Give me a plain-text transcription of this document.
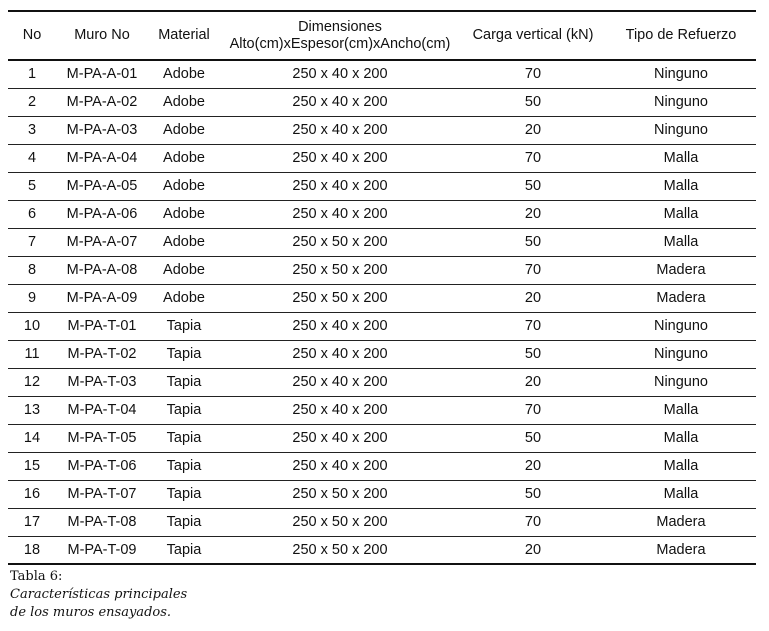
No	Muro No	Material	Dimensiones
Alto(cm)xEspesor(cm)xAncho(cm)	Carga vertical (kN)	Tipo de Refuerzo
1	M-PA-A-01	Adobe	250 x 40 x 200	70	Ninguno
2	M-PA-A-02	Adobe	250 x 40 x 200	50	Ninguno
3	M-PA-A-03	Adobe	250 x 40 x 200	20	Ninguno
4	M-PA-A-04	Adobe	250 x 40 x 200	70	Malla
5	M-PA-A-05	Adobe	250 x 40 x 200	50	Malla
6	M-PA-A-06	Adobe	250 x 40 x 200	20	Malla
7	M-PA-A-07	Adobe	250 x 50 x 200	50	Malla
8	M-PA-A-08	Adobe	250 x 50 x 200	70	Madera
9	M-PA-A-09	Adobe	250 x 50 x 200	20	Madera
10	M-PA-T-01	Tapia	250 x 40 x 200	70	Ninguno
11	M-PA-T-02	Tapia	250 x 40 x 200	50	Ninguno
12	M-PA-T-03	Tapia	250 x 40 x 200	20	Ninguno
13	M-PA-T-04	Tapia	250 x 40 x 200	70	Malla
14	M-PA-T-05	Tapia	250 x 40 x 200	50	Malla
15	M-PA-T-06	Tapia	250 x 40 x 200	20	Malla
16	M-PA-T-07	Tapia	250 x 50 x 200	50	Malla
17	M-PA-T-08	Tapia	250 x 50 x 200	70	Madera
18	M-PA-T-09	Tapia	250 x 50 x 200	20	Madera
Tabla 6:
Características principales de los muros ensayados.
